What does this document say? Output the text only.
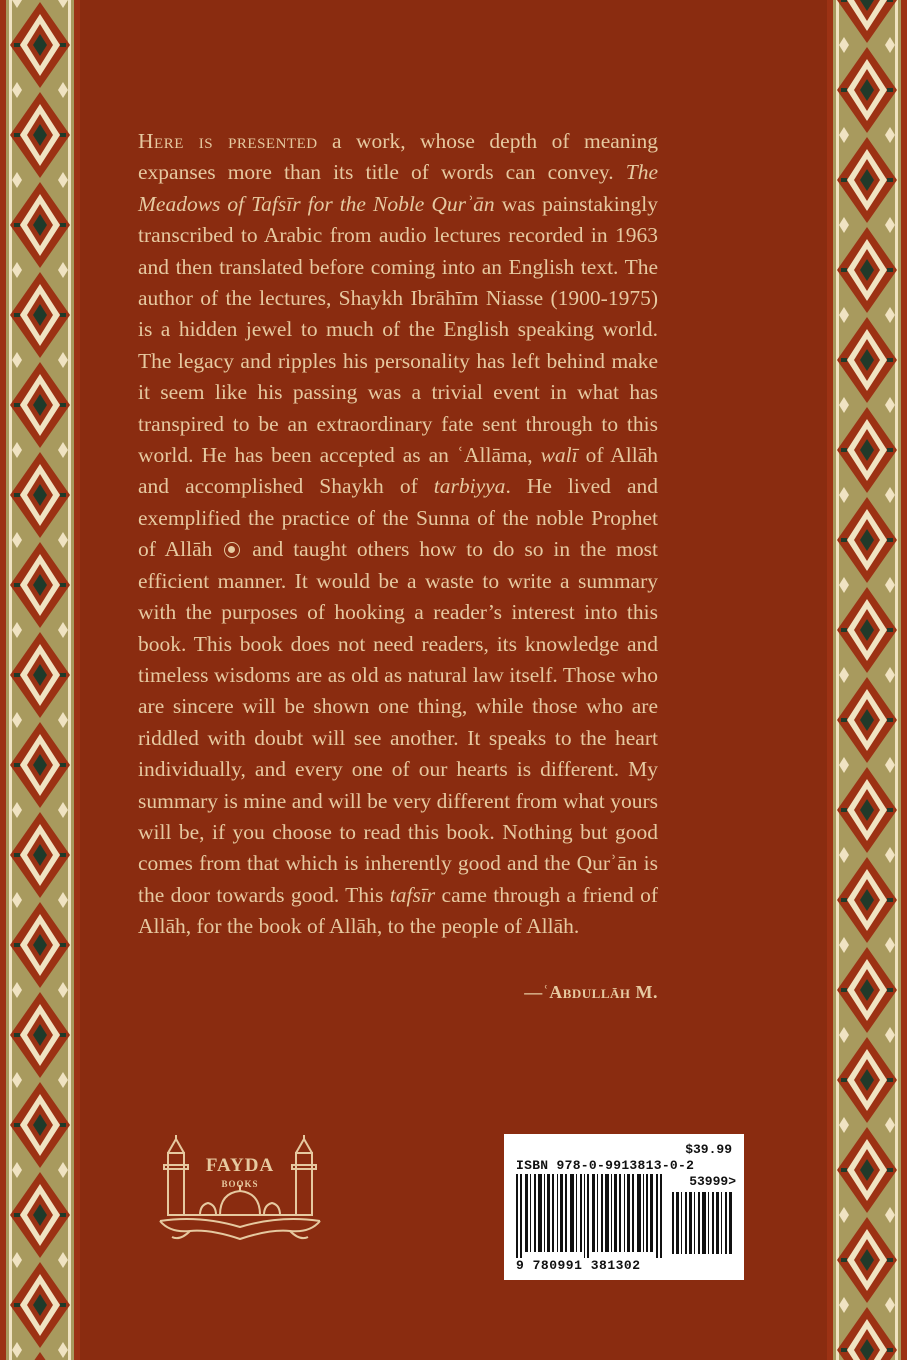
Here is presented a work, whose depth of meaning expanses more than its title of words can convey. The Meadows of Tafsīr for the Noble Qurʾān was painstakingly transcribed to Arabic from audio lectures recorded in 1963 and then translated before coming into an English text. The author of the lectures, Shaykh Ibrāhīm Niasse (1900-1975) is a hidden jewel to much of the English speaking world. The legacy and ripples his personality has left behind make it seem like his passing was a trivial event in what has transpired to be an extraordinary fate sent through to this world. He has been accepted as an ʿAllāma, walī of Allāh and accomplished Shaykh of tarbiyya. He lived and exemplified the practice of the Sunna of the noble Prophet of Allāh and taught others how to do so in the most efficient manner. It would be a waste to write a summary with the purposes of hooking a reader’s interest into this book. This book does not need readers, its knowledge and timeless wisdoms are as old as natural law itself. Those who are sincere will be shown one thing, while those who are riddled with doubt will see another. It speaks to the heart individually, and every one of our hearts is different. My summary is mine and will be very different from what yours will be, if you choose to read this book. Nothing but good comes from that which is inherently good and the Qurʾān is the door towards good. This tafsīr came through a friend of Allāh, for the book of Allāh, to the people of Allāh.

—ʿAbdullāh M.
FAYDA
BOOKS
$39.99
ISBN 978-0-9913813-0-2
53999>
9 780991 381302
